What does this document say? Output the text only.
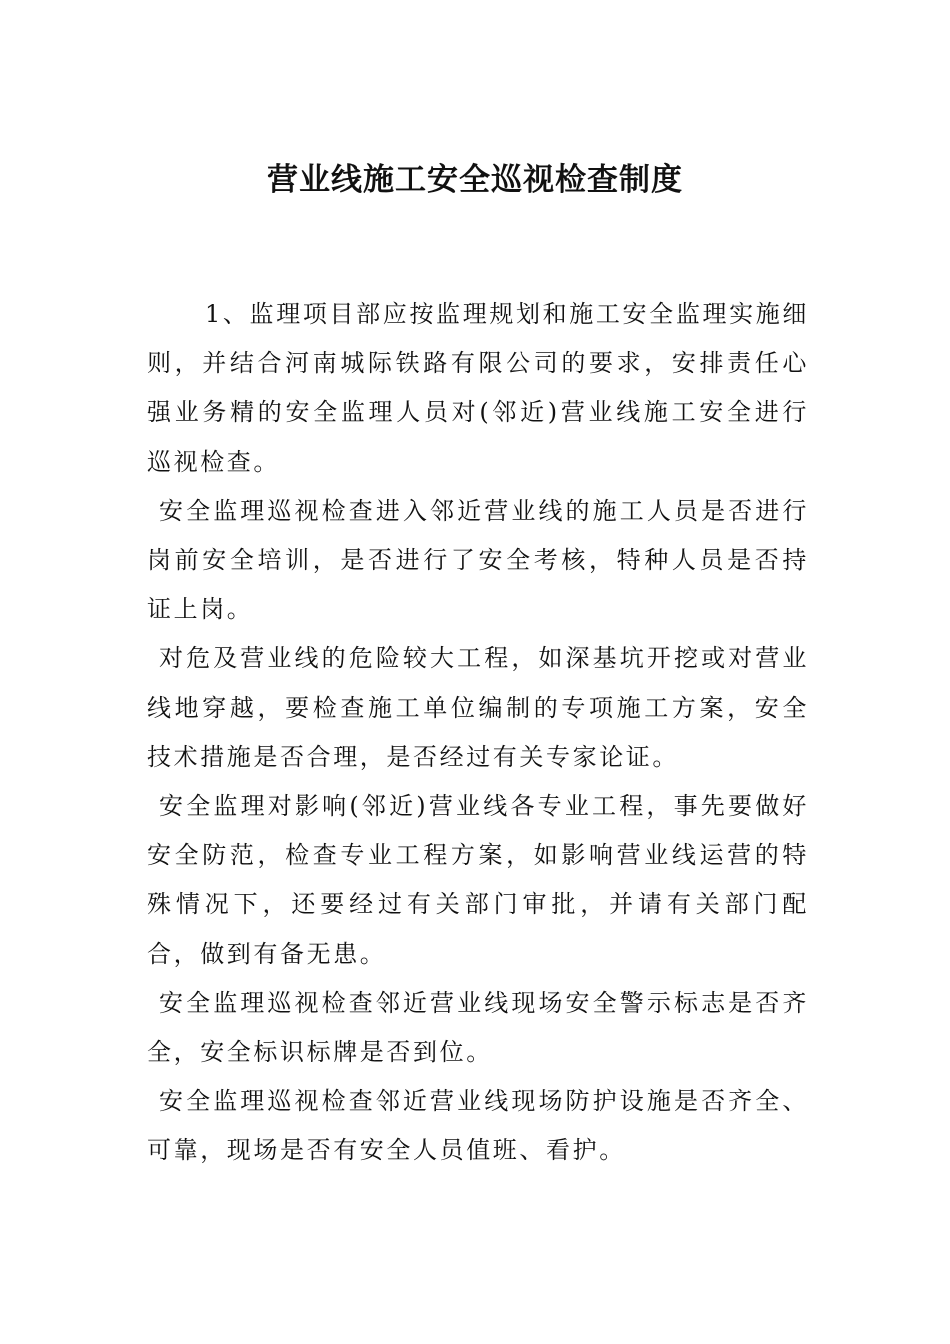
营业线施工安全巡视检查制度

1、监理项目部应按监理规划和施工安全监理实施细则，并结合河南城际铁路有限公司的要求，安排责任心强业务精的安全监理人员对(邻近)营业线施工安全进行巡视检查。

安全监理巡视检查进入邻近营业线的施工人员是否进行岗前安全培训，是否进行了安全考核，特种人员是否持证上岗。

对危及营业线的危险较大工程，如深基坑开挖或对营业线地穿越，要检查施工单位编制的专项施工方案，安全技术措施是否合理，是否经过有关专家论证。

安全监理对影响(邻近)营业线各专业工程，事先要做好安全防范，检查专业工程方案，如影响营业线运营的特殊情况下，还要经过有关部门审批，并请有关部门配合，做到有备无患。

安全监理巡视检查邻近营业线现场安全警示标志是否齐全，安全标识标牌是否到位。

安全监理巡视检查邻近营业线现场防护设施是否齐全、可靠，现场是否有安全人员值班、看护。
